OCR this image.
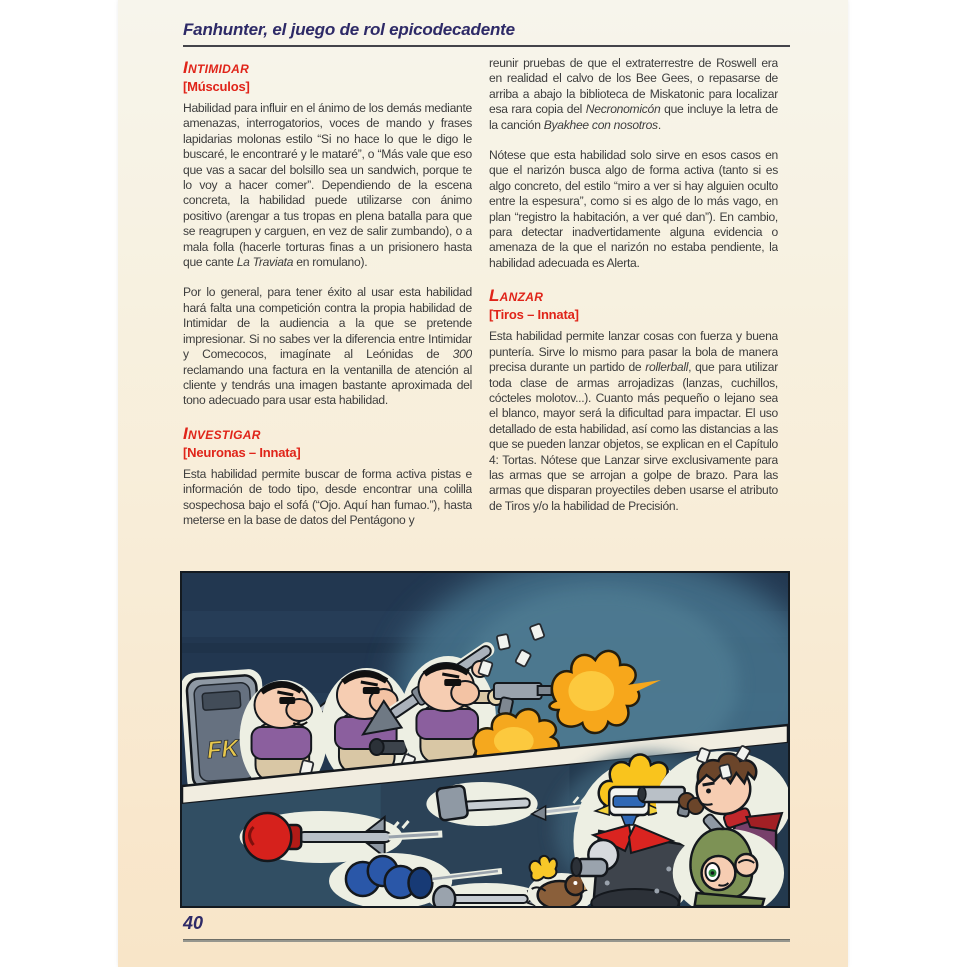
Fanhunter, el juego de rol epicodecadente
Intimidar
[Músculos]

Habilidad para influir en el ánimo de los demás mediante amenazas, interrogatorios, voces de mando y frases lapidarias molonas estilo “Si no hace lo que le digo le buscaré, le encontraré y le mataré”, o “Más vale que eso que vas a sacar del bolsillo sea un sandwich, porque te lo voy a hacer comer”. Dependiendo de la escena concreta, la habilidad puede utilizarse con ánimo positivo (arengar a tus tropas en plena batalla para que se reagrupen y carguen, en vez de salir zumbando), o a mala folla (hacerle torturas finas a un prisionero hasta que cante La Traviata en romulano).

Por lo general, para tener éxito al usar esta habilidad hará falta una competición contra la propia habilidad de Intimidar de la audiencia a la que se pretende impresionar. Si no sabes ver la diferencia entre Intimidar y Comecocos, imagínate al Leónidas de 300 reclamando una factura en la ventanilla de atención al cliente y tendrás una imagen bastante aproximada del tono adecuado para usar esta habilidad.

Investigar
[Neuronas – Innata]

Esta habilidad permite buscar de forma activa pistas e información de todo tipo, desde encontrar una colilla sospechosa bajo el sofá (“Ojo. Aquí han fumao.”), hasta meterse en la base de datos del Pentágono y

reunir pruebas de que el extraterrestre de Roswell era en realidad el calvo de los Bee Gees, o repasarse de arriba a abajo la biblioteca de Miskatonic para localizar esa rara copia del Necronomicón que incluye la letra de la canción Byakhee con nosotros.

Nótese que esta habilidad solo sirve en esos casos en que el narizón busca algo de forma activa (tanto si es algo concreto, del estilo “miro a ver si hay alguien oculto entre la espesura”, como si es algo de lo más vago, en plan “registro la habitación, a ver qué dan”). En cambio, para detectar inadvertidamente alguna evidencia o amenaza de la que el narizón no estaba pendiente, la habilidad adecuada es Alerta.

Lanzar
[Tiros – Innata]

Esta habilidad permite lanzar cosas con fuerza y buena puntería. Sirve lo mismo para pasar la bola de manera precisa durante un partido de rollerball, que para utilizar toda clase de armas arrojadizas (lanzas, cuchillos, cócteles molotov...). Cuanto más pequeño o lejano sea el blanco, mayor será la dificultad para impactar. El uso detallado de esta habilidad, así como las distancias a las que se pueden lanzar objetos, se explican en el Capítulo 4: Tortas. Nótese que Lanzar sirve exclusivamente para las armas que se arrojan a golpe de brazo. Para las armas que disparan proyectiles deben usarse el atributo de Tiros y/o la habilidad de Precisión.

FK
40
